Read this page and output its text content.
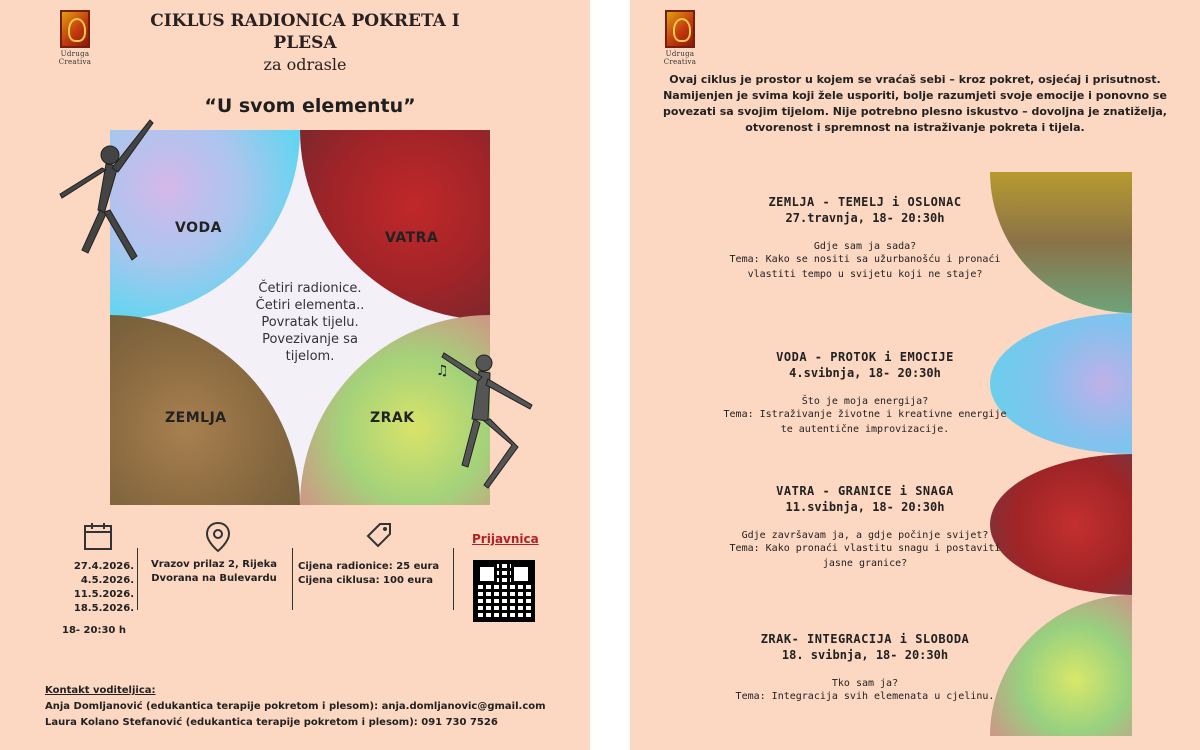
Udruga Creativa
CIKLUS RADIONICA POKRETA I PLESA
za odrasle
“U svom elementu”
VODA
VATRA
ZEMLJA	ZRAK
Četiri radionice.
Četiri elementa..
Povratak tijelu.
Povezivanje sa tijelom.
♫
27.4.2026.
4.5.2026.
11.5.2026.
18.5.2026.
18- 20:30 h
Vrazov prilaz 2, Rijeka Dvorana na Bulevardu
Cijena radionice: 25 eura
Cijena ciklusa: 100 eura
Prijavnica
Kontakt voditeljica:
Anja Domljanović (edukantica terapije pokretom i plesom): anja.domljanovic@gmail.com
Laura Kolano Stefanović (edukantica terapije pokretom i plesom): 091 730 7526
Udruga Creativa
Ovaj ciklus je prostor u kojem se vraćaš sebi – kroz pokret, osjećaj i prisutnost. Namijenjen je svima koji žele usporiti, bolje razumjeti svoje emocije i ponovno se povezati sa svojim tijelom. Nije potrebno plesno iskustvo – dovoljna je znatiželja, otvorenost i spremnost na istraživanje pokreta i tijela.
ZEMLJA - TEMELJ i OSLONAC
27.travnja, 18- 20:30h
Gdje sam ja sada?
Tema: Kako se nositi sa užurbanošću i pronaći vlastiti tempo u svijetu koji ne staje?
VODA - PROTOK i EMOCIJE
4.svibnja, 18- 20:30h
Što je moja energija?
Tema: Istraživanje životne i kreativne energije te autentične improvizacije.
VATRA - GRANICE i SNAGA
11.svibnja, 18- 20:30h
Gdje završavam ja, a gdje počinje svijet?
Tema: Kako pronaći vlastitu snagu i postaviti jasne granice?
ZRAK- INTEGRACIJA i SLOBODA
18. svibnja, 18- 20:30h
Tko sam ja?
Tema: Integracija svih elemenata u cjelinu.
